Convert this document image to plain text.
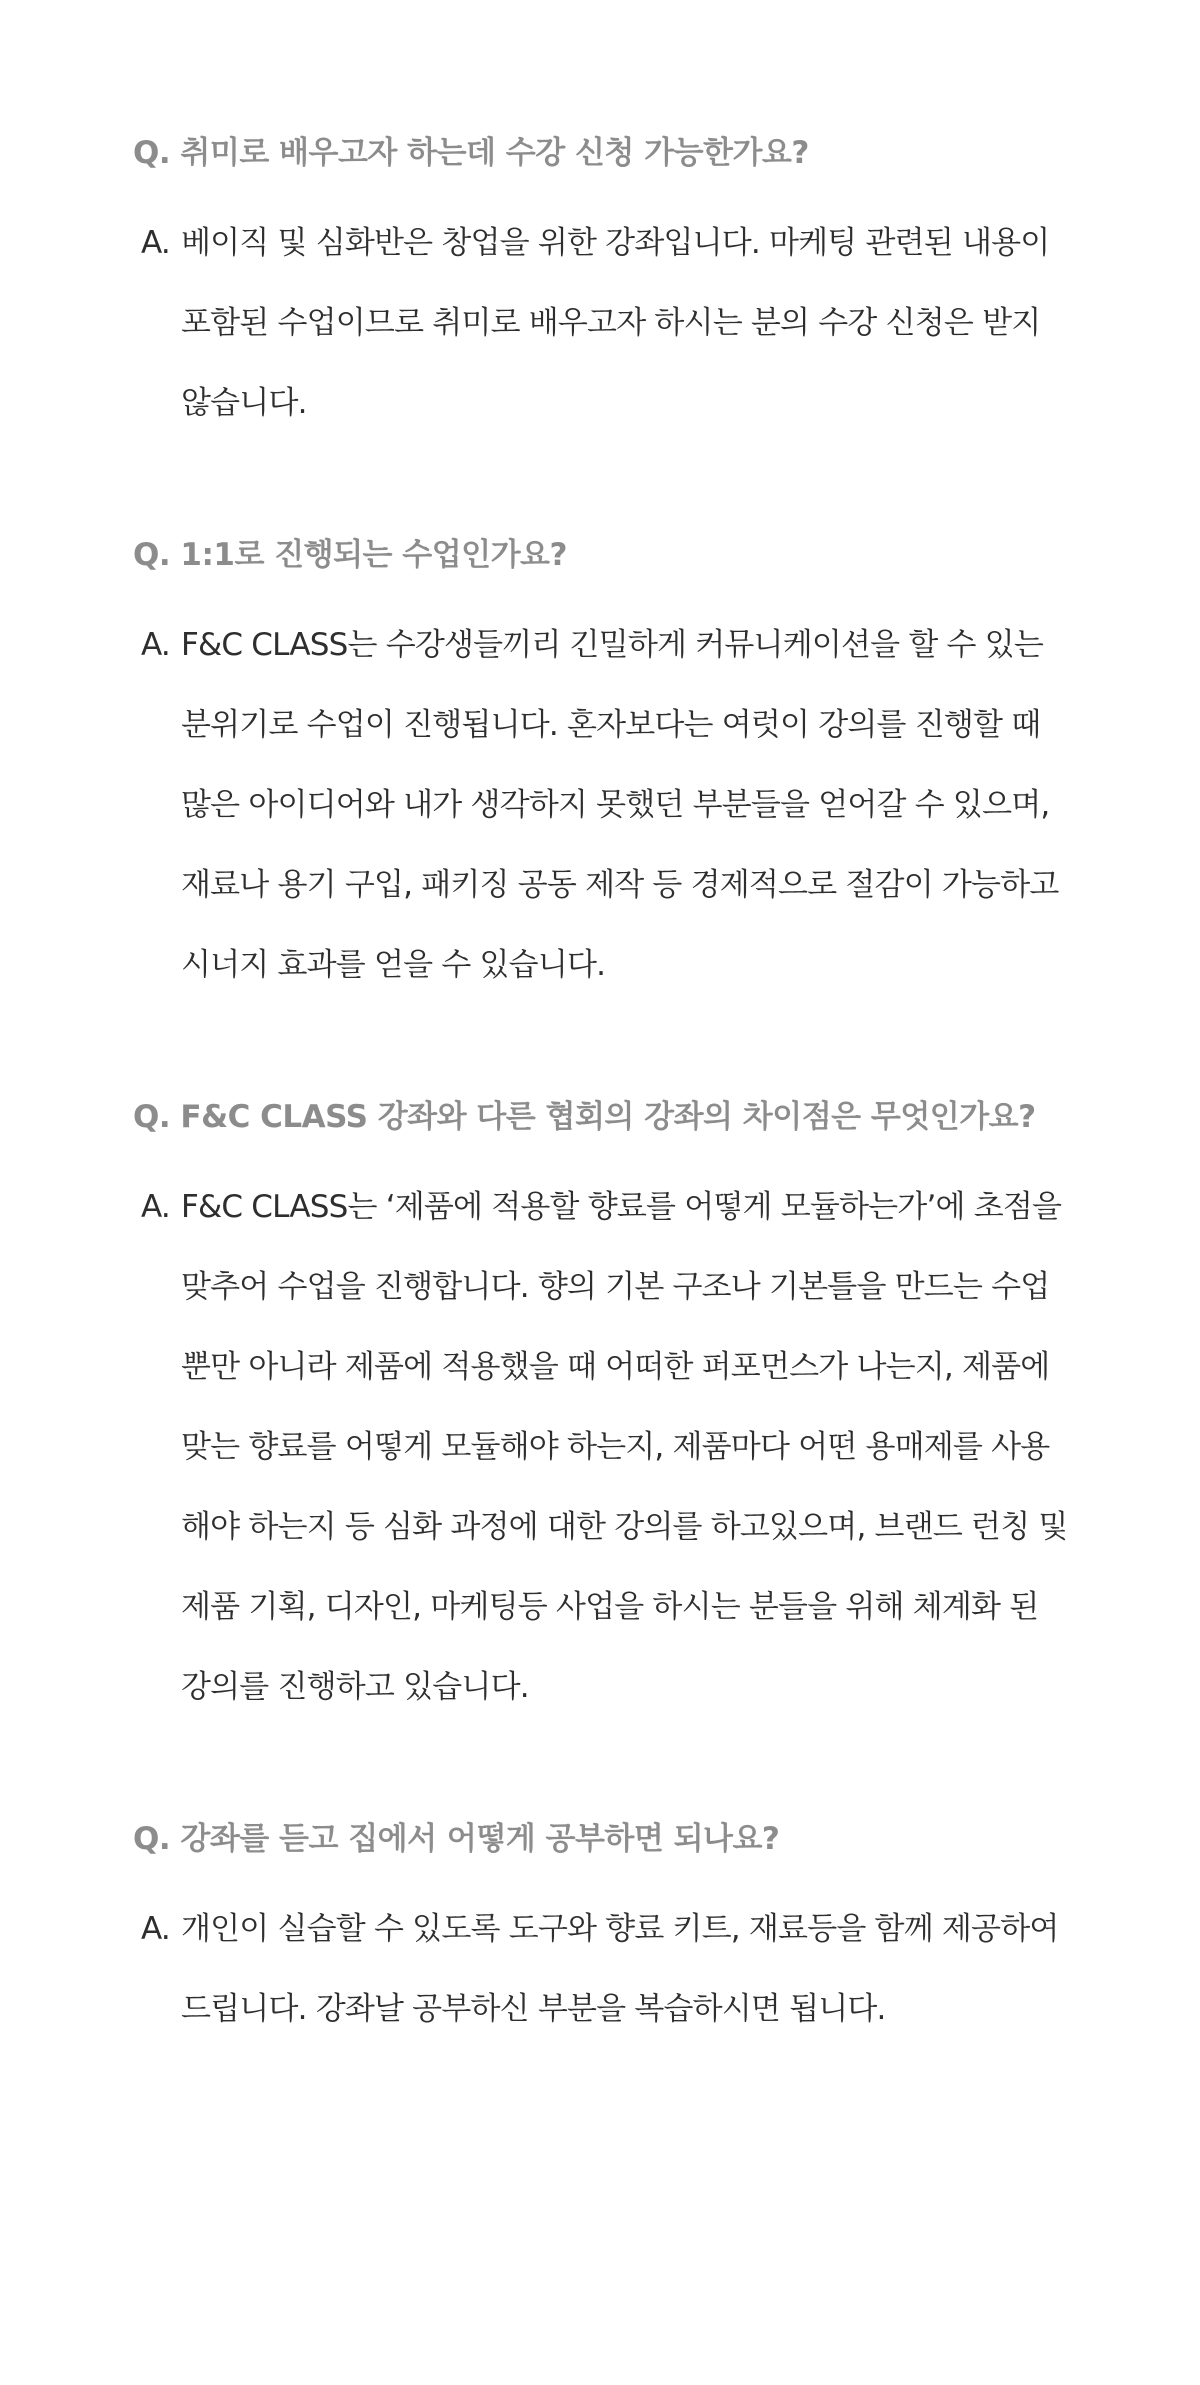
Q. 취미로 배우고자 하는데 수강 신청 가능한가요?
A. 베이직 및 심화반은 창업을 위한 강좌입니다. 마케팅 관련된 내용이
포함된 수업이므로 취미로 배우고자 하시는 분의 수강 신청은 받지
않습니다.
Q. 1:1로 진행되는 수업인가요?
A. F&C CLASS는 수강생들끼리 긴밀하게 커뮤니케이션을 할 수 있는
분위기로 수업이 진행됩니다. 혼자보다는 여럿이 강의를 진행할 때
많은 아이디어와 내가 생각하지 못했던 부분들을 얻어갈 수 있으며,
재료나 용기 구입, 패키징 공동 제작 등 경제적으로 절감이 가능하고
시너지 효과를 얻을 수 있습니다.
Q. F&C CLASS 강좌와 다른 협회의 강좌의 차이점은 무엇인가요?
A. F&C CLASS는 ‘제품에 적용할 향료를 어떻게 모듈하는가’에 초점을
맞추어 수업을 진행합니다. 향의 기본 구조나 기본틀을 만드는 수업
뿐만 아니라 제품에 적용했을 때 어떠한 퍼포먼스가 나는지, 제품에
맞는 향료를 어떻게 모듈해야 하는지, 제품마다 어떤 용매제를 사용
해야 하는지 등 심화 과정에 대한 강의를 하고있으며, 브랜드 런칭 및
제품 기획, 디자인, 마케팅등 사업을 하시는 분들을 위해 체계화 된
강의를 진행하고 있습니다.
Q. 강좌를 듣고 집에서 어떻게 공부하면 되나요?
A. 개인이 실습할 수 있도록 도구와 향료 키트, 재료등을 함께 제공하여
드립니다. 강좌날 공부하신 부분을 복습하시면 됩니다.
